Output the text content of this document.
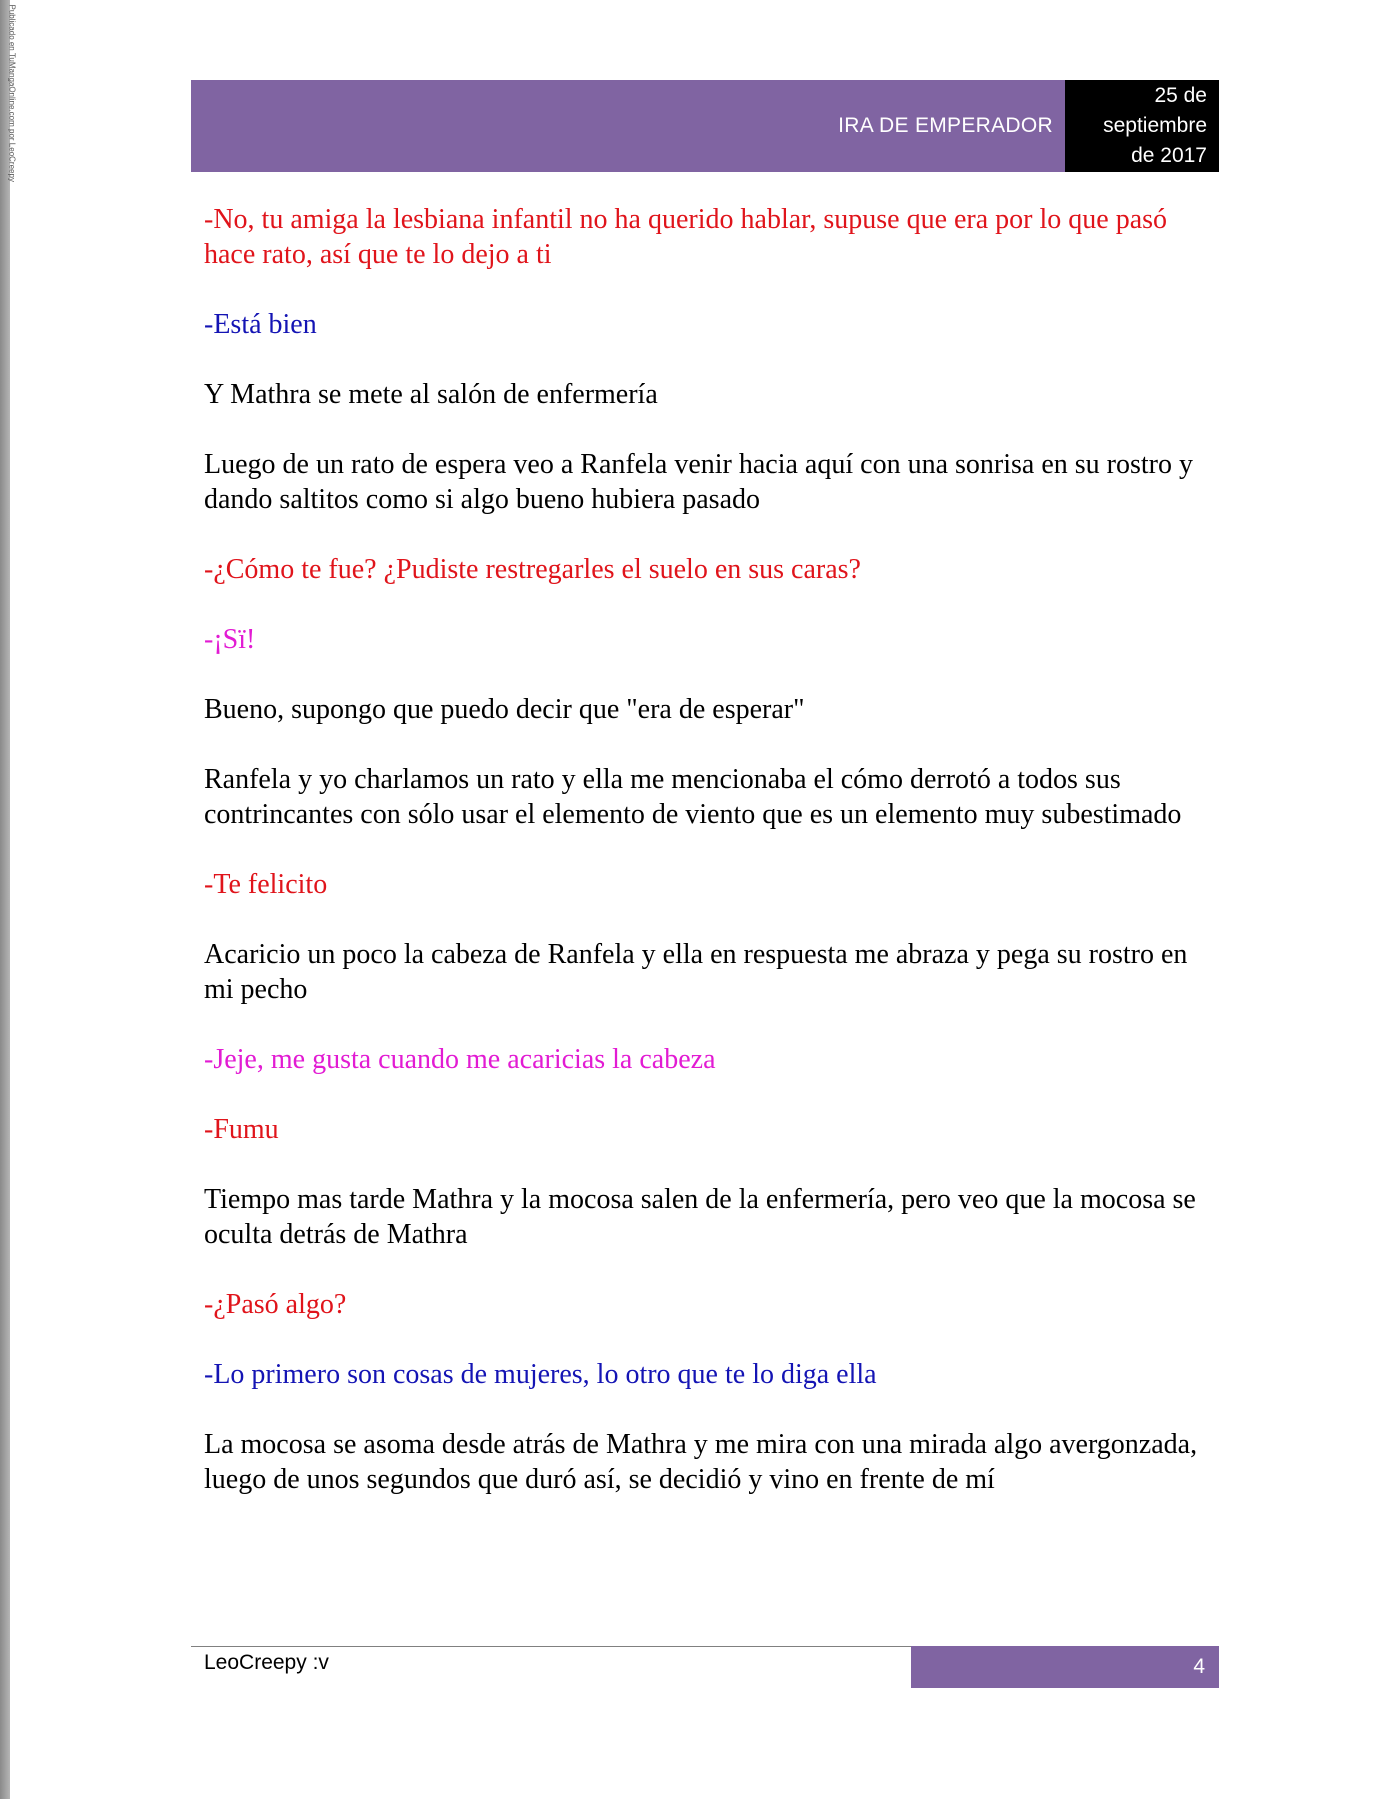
Publicado en TuMangaOnline.com por LeoCreepy	IRA DE EMPERADOR
25 de
septiembre
de 2017

-No, tu amiga la lesbiana infantil no ha querido hablar, supuse que era por lo que pasó hace rato, así que te lo dejo a ti

-Está bien

Y Mathra se mete al salón de enfermería

Luego de un rato de espera veo a Ranfela venir hacia aquí con una sonrisa en su rostro y dando saltitos como si algo bueno hubiera pasado

-¿Cómo te fue? ¿Pudiste restregarles el suelo en sus caras?

-¡Sï!

Bueno, supongo que puedo decir que "era de esperar"

Ranfela y yo charlamos un rato y ella me mencionaba el cómo derrotó a todos sus contrincantes con sólo usar el elemento de viento que es un elemento muy subestimado

-Te felicito

Acaricio un poco la cabeza de Ranfela y ella en respuesta me abraza y pega su rostro en mi pecho

-Jeje, me gusta cuando me acaricias la cabeza

-Fumu

Tiempo mas tarde Mathra y la mocosa salen de la enfermería, pero veo que la mocosa se oculta detrás de Mathra

-¿Pasó algo?

-Lo primero son cosas de mujeres, lo otro que te lo diga ella

La mocosa se asoma desde atrás de Mathra y me mira con una mirada algo avergonzada, luego de unos segundos que duró así, se decidió y vino en frente de mí

LeoCreepy :v	4
